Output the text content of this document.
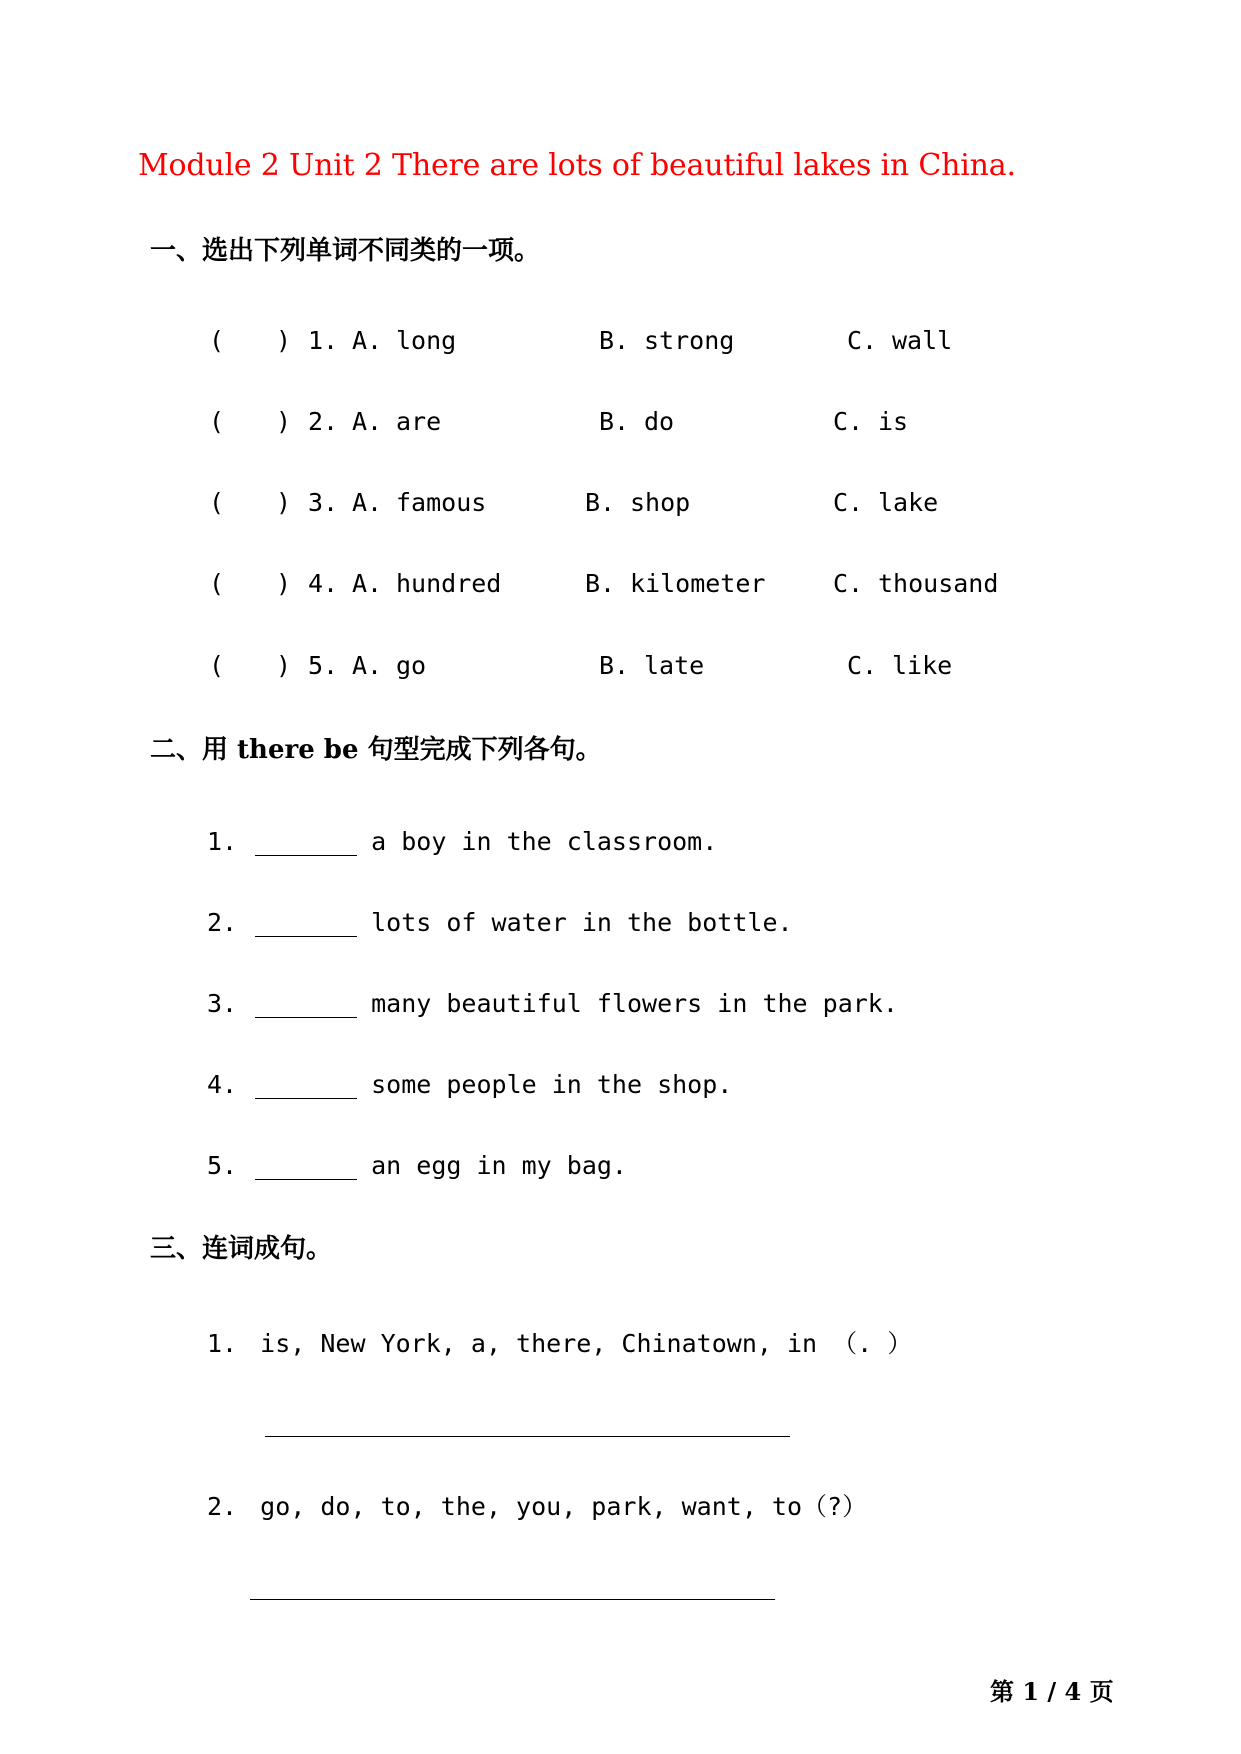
Module 2 Unit 2 There are lots of beautiful lakes in China.
一、选出下列单词不同类的一项。
( ) 1. A. long	B. strong	C. wall
( ) 2. A. are	B. do	C. is
( ) 3. A. famous	B. shop	C. lake
( ) 4. A. hundred	B. kilometer	C. thousand
( ) 5. A. go	B. late	C. like
二、用 there be 句型完成下列各句。
1.	a boy in the classroom.
2.	lots of water in the bottle.
3.	many beautiful flowers in the park.
4.	some people in the shop.
5.	an egg in my bag.
三、连词成句。
1. is, New York, a, there, Chinatown, in （. ）
2. go, do, to, the, you, park, want, to（?）
第 1 / 4 页
